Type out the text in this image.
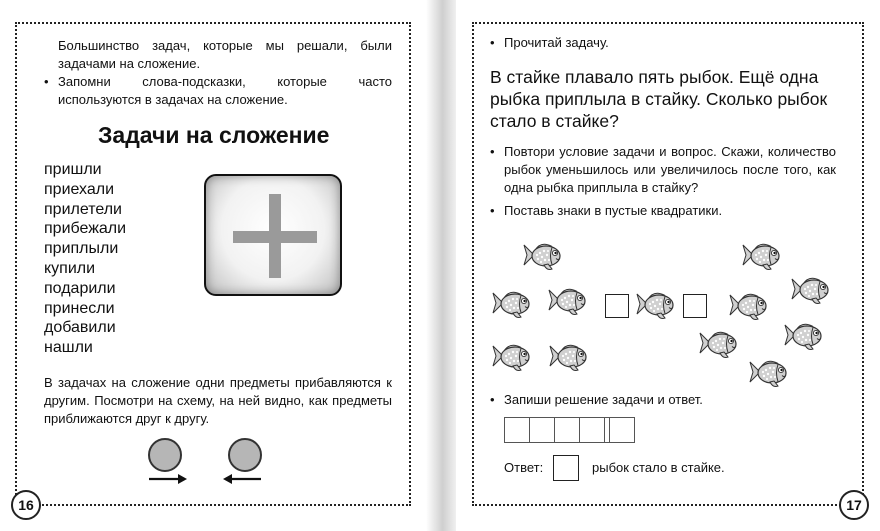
Большинство задач, которые мы решали, были задачами на сложение.
• Запомни слова-подсказки, которые часто используются в задачах на сложение.
Задачи на сложение
пришли
приехали
прилетели
прибежали
приплыли
купили
подарили
принесли
добавили
нашли
В задачах на сложение одни предметы прибавляются к другим. Посмотри на схему, на ней видно, как предметы приближаются друг к другу.
16
• Прочитай задачу.
В стайке плавало пять рыбок. Ещё одна рыбка приплыла в стайку. Сколько рыбок стало в стайке?
• Повтори условие задачи и вопрос. Скажи, количество рыбок уменьшилось или увеличилось после того, как одна рыбка приплыла в стайку?
• Поставь знаки в пустые квадратики.
• Запиши решение задачи и ответ.
Ответ:	рыбок стало в стайке.
17
